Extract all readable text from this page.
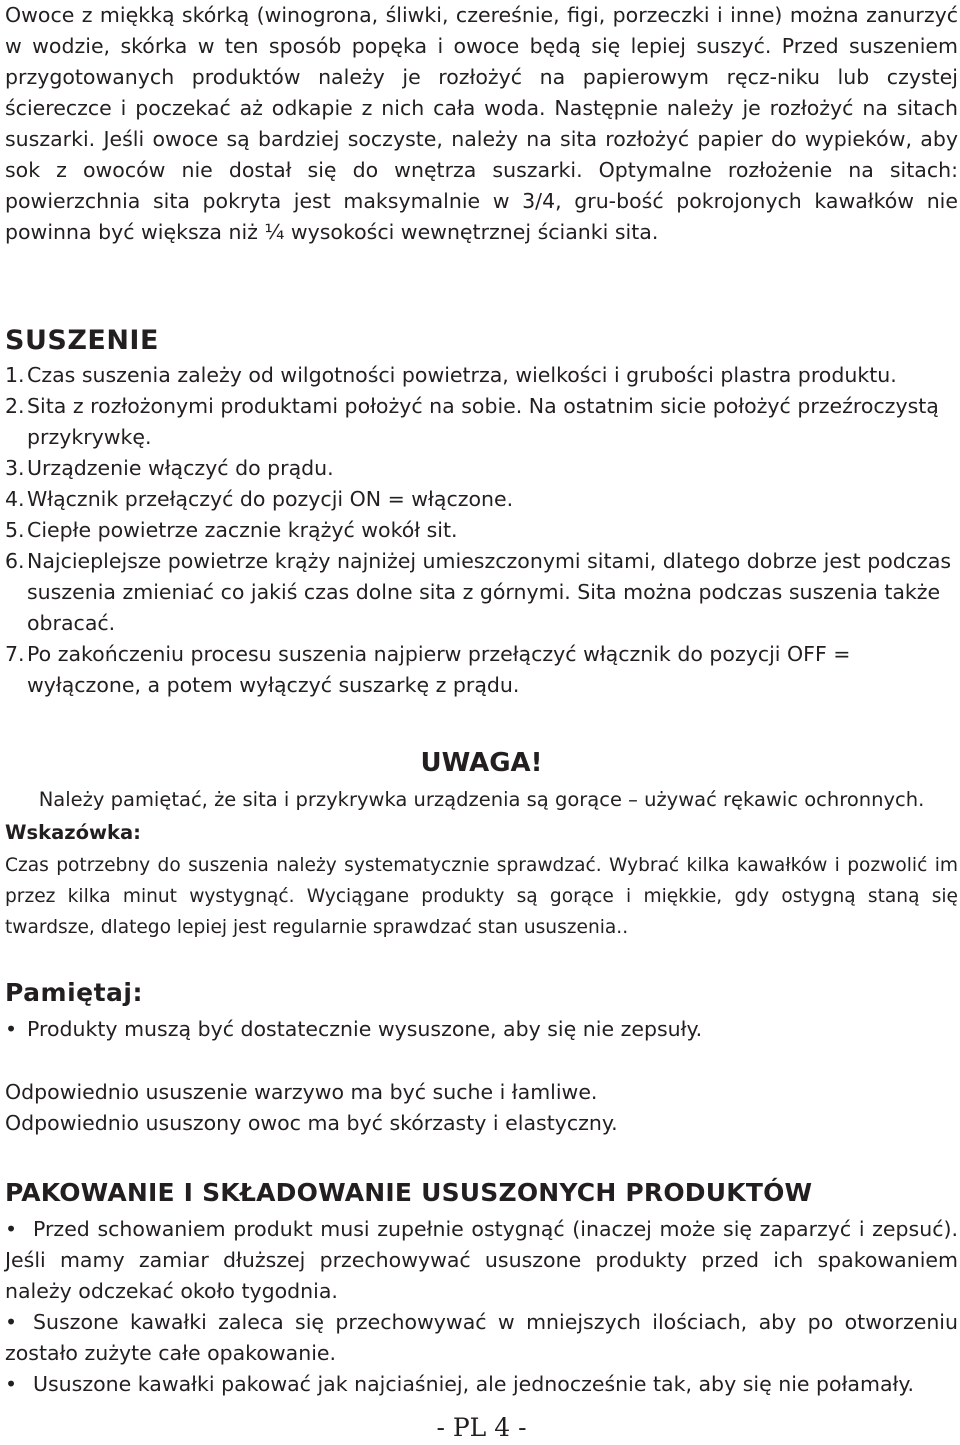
Owoce z miękką skórką (winogrona, śliwki, czereśnie, figi, porzeczki i inne) można zanurzyć w wodzie, skórka w ten sposób popęka i owoce będą się lepiej suszyć. Przed suszeniem przygotowanych produktów należy je rozłożyć na papierowym ręcz-niku lub czystej ściereczce i poczekać aż odkapie z nich cała woda. Następnie należy je rozłożyć na sitach suszarki. Jeśli owoce są bardziej soczyste, należy na sita rozłożyć papier do wypieków, aby sok z owoców nie dostał się do wnętrza suszarki. Optymalne rozłożenie na sitach: powierzchnia sita pokryta jest maksymalnie w 3/4, gru-bość pokrojonych kawałków nie powinna być większa niż ¼ wysokości wewnętrznej ścianki sita.

SUSZENIE
1. Czas suszenia zależy od wilgotności powietrza, wielkości i grubości plastra produktu.
2. Sita z rozłożonymi produktami położyć na sobie. Na ostatnim sicie położyć przeźroczystą przykrywkę.
3. Urządzenie włączyć do prądu.
4. Włącznik przełączyć do pozycji ON = włączone.
5. Ciepłe powietrze zacznie krążyć wokół sit.
6. Najcieplejsze powietrze krąży najniżej umieszczonymi sitami, dlatego dobrze jest podczas suszenia zmieniać co jakiś czas dolne sita z górnymi. Sita można podczas suszenia także obracać.
7. Po zakończeniu procesu suszenia najpierw przełączyć włącznik do pozycji OFF = wyłączone, a potem wyłączyć suszarkę z prądu.
UWAGA!

Należy pamiętać, że sita i przykrywka urządzenia są gorące – używać rękawic ochronnych.

Wskazówka:

Czas potrzebny do suszenia należy systematycznie sprawdzać. Wybrać kilka kawałków i pozwolić im przez kilka minut wystygnąć. Wyciągane produkty są gorące i miękkie, gdy ostygną staną się twardsze, dlatego lepiej jest regularnie sprawdzać stan ususzenia..

Pamiętaj:
• Produkty muszą być dostatecznie wysuszone, aby się nie zepsuły.

Odpowiednio ususzenie warzywo ma być suche i łamliwe.

Odpowiednio ususzony owoc ma być skórzasty i elastyczny.

PAKOWANIE I SKŁADOWANIE USUSZONYCH PRODUKTÓW

• Przed schowaniem produkt musi zupełnie ostygnąć (inaczej może się zaparzyć i zepsuć). Jeśli mamy zamiar dłuższej przechowywać ususzone produkty przed ich spakowaniem należy odczekać około tygodnia.

• Suszone kawałki zaleca się przechowywać w mniejszych ilościach, aby po otworzeniu zostało zużyte całe opakowanie.

• Ususzone kawałki pakować jak najciaśniej, ale jednocześnie tak, aby się nie połamały.

- PL 4 -
